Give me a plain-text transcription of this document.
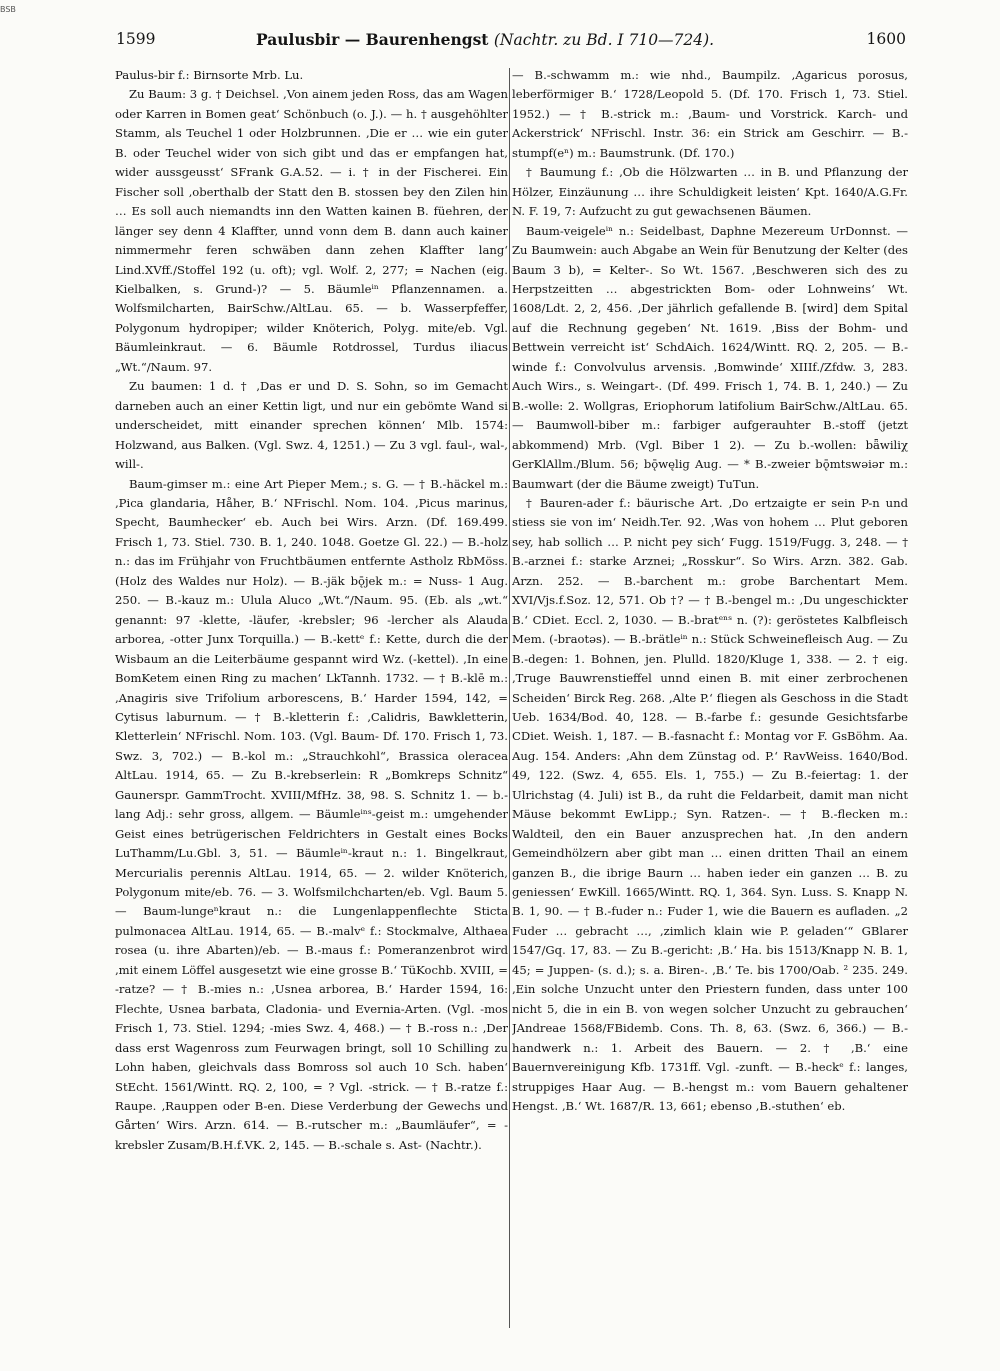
BSB
1599	Paulusbir — Baurenhengst (Nachtr. zu Bd. I 710—724).	1600

Paulus-bir f.: Birnsorte Mrb. Lu.

Zu Baum: 3 g. † Deichsel. ‚Von ainem jeden Ross, das am Wagen oder Karren in Bomen geat‘ Schönbuch (o. J.). — h. † ausgehöhlter Stamm, als Teuchel 1 oder Holzbrunnen. ‚Die er … wie ein guter B. oder Teuchel wider von sich gibt und das er empfangen hat, wider aussgeusst‘ SFrank G.A.52. — i. † in der Fischerei. Ein Fischer soll ‚oberthalb der Statt den B. stossen bey den Zilen hin … Es soll auch niemandts inn den Watten kainen B. füehren, der länger sey denn 4 Klaffter, unnd vonn dem B. dann auch kainer nimmermehr feren schwäben dann zehen Klaffter lang‘ Lind.XVff./Stoffel 192 (u. oft); vgl. Wolf. 2, 277; = Nachen (eig. Kielbalken, s. Grund-)? — 5. Bäumleⁱⁿ Pflanzennamen. a. Wolfsmilcharten, BairSchw./AltLau. 65. — b. Wasserpfeffer, Polygonum hydropiper; wilder Knöterich, Polyg. mite/eb. Vgl. Bäumleinkraut. — 6. Bäumle Rotdrossel, Turdus iliacus „Wt.“/Naum. 97.

Zu baumen: 1 d. † ‚Das er und D. S. Sohn, so im Gemacht darneben auch an einer Kettin ligt, und nur ein gebömte Wand si underscheidet, mitt einander sprechen können‘ Mlb. 1574: Holzwand, aus Balken. (Vgl. Swz. 4, 1251.) — Zu 3 vgl. faul-, wal-, will-.

Baum-gimser m.: eine Art Pieper Mem.; s. G. — † B.-häckel m.: ‚Pica glandaria, Håher, B.‘ NFrischl. Nom. 104. ‚Picus marinus, Specht, Baumhecker‘ eb. Auch bei Wirs. Arzn. (Df. 169.499. Frisch 1, 73. Stiel. 730. B. 1, 240. 1048. Goetze Gl. 22.) — B.-holz n.: das im Frühjahr von Fruchtbäumen entfernte Astholz RbMöss. (Holz des Waldes nur Holz). — B.-jäk bǭjek m.: = Nuss- 1 Aug. 250. — B.-kauz m.: Ulula Aluco „Wt.“/Naum. 95. (Eb. als „wt.“ genannt: 97 -klette, -läufer, -krebsler; 96 -lercher als Alauda arborea, -otter Junx Torquilla.) — B.-kettᵉ f.: Kette, durch die der Wisbaum an die Leiterbäume gespannt wird Wz. (-kettel). ‚In eine BomKetem einen Ring zu machen‘ LkTannh. 1732. — † B.-klē m.: ‚Anagiris sive Trifolium arborescens, B.‘ Harder 1594, 142, = Cytisus laburnum. — † B.-kletterin f.: ‚Calidris, Bawkletterin, Kletterlein‘ NFrischl. Nom. 103. (Vgl. Baum- Df. 170. Frisch 1, 73. Swz. 3, 702.) — B.-kol m.: „Strauchkohl“, Brassica oleracea AltLau. 1914, 65. — Zu B.-krebserlein: R „Bomkreps Schnitz“ Gaunerspr. GammTrocht. XVIII/MfHz. 38, 98. S. Schnitz 1. — b.-lang Adj.: sehr gross, allgem. — Bäumleⁱⁿˢ-geist m.: umgehender Geist eines betrügerischen Feldrichters in Gestalt eines Bocks LuThamm/Lu.Gbl. 3, 51. — Bäumleⁱⁿ-kraut n.: 1. Bingelkraut, Mercurialis perennis AltLau. 1914, 65. — 2. wilder Knöterich, Polygonum mite/eb. 76. — 3. Wolfsmilchcharten/eb. Vgl. Baum 5. — Baum-lungeⁿkraut n.: die Lungenlappenflechte Sticta pulmonacea AltLau. 1914, 65. — B.-malvᵉ f.: Stockmalve, Althaea rosea (u. ihre Abarten)/eb. — B.-maus f.: Pomeranzenbrot wird ‚mit einem Löffel ausgesetzt wie eine grosse B.‘ TüKochb. XVIII, = -ratze? — † B.-mies n.: ‚Usnea arborea, B.‘ Harder 1594, 16: Flechte, Usnea barbata, Cladonia- und Evernia-Arten. (Vgl. -mos Frisch 1, 73. Stiel. 1294; -mies Swz. 4, 468.) — † B.-ross n.: ‚Der dass erst Wagenross zum Feurwagen bringt, soll 10 Schilling zu Lohn haben, gleichvals dass Bomross sol auch 10 Sch. haben‘ StEcht. 1561/Wintt. RQ. 2, 100, = ? Vgl. -strick. — † B.-ratze f.: Raupe. ‚Rauppen oder B-en. Diese Verderbung der Gewechs und Gårten‘ Wirs. Arzn. 614. — B.-rutscher m.: „Baumläufer“, = -krebsler Zusam/B.H.f.VK. 2, 145. — B.-schale s. Ast- (Nachtr.).

— B.-schwamm m.: wie nhd., Baumpilz. ‚Agaricus porosus, leberförmiger B.‘ 1728/Leopold 5. (Df. 170. Frisch 1, 73. Stiel. 1952.) — † B.-strick m.: ‚Baum- und Vorstrick. Karch- und Ackerstrick‘ NFrischl. Instr. 36: ein Strick am Geschirr. — B.-stumpf(eⁿ) m.: Baumstrunk. (Df. 170.)

† Baumung f.: ‚Ob die Hölzwarten … in B. und Pflanzung der Hölzer, Einzäunung … ihre Schuldigkeit leisten‘ Kpt. 1640/A.G.Fr. N. F. 19, 7: Aufzucht zu gut gewachsenen Bäumen.

Baum-veigeleⁱⁿ n.: Seidelbast, Daphne Mezereum UrDonnst. — Zu Baumwein: auch Abgabe an Wein für Benutzung der Kelter (des Baum 3 b), = Kelter-. So Wt. 1567. ‚Beschweren sich des zu Herpstzeitten … abgestrickten Bom- oder Lohnweins‘ Wt. 1608/Ldt. 2, 2, 456. ‚Der jährlich gefallende B. [wird] dem Spital auf die Rechnung gegeben‘ Nt. 1619. ‚Biss der Bohm- und Bettwein verreicht ist‘ SchdAich. 1624/Wintt. RQ. 2, 205. — B.-winde f.: Convolvulus arvensis. ‚Bomwinde‘ XIIIf./Zfdw. 3, 283. Auch Wirs., s. Weingart-. (Df. 499. Frisch 1, 74. B. 1, 240.) — Zu B.-wolle: 2. Wollgras, Eriophorum latifolium BairSchw./AltLau. 65. — Baumwoll-biber m.: farbiger aufgerauhter B.-stoff (jetzt abkommend) Mrb. (Vgl. Biber 1 2). — Zu b.-wollen: bǟwiliχ GerKlAllm./Blum. 56; bǭwęliɡ Aug. — * B.-zweier bǭmtswəiər m.: Baumwart (der die Bäume zweigt) TuTun.

† Bauren-ader f.: bäurische Art. ‚Do ertzaigte er sein P-n und stiess sie von im‘ Neidh.Ter. 92. ‚Was von hohem … Plut geboren sey, hab sollich … P. nicht pey sich‘ Fugg. 1519/Fugg. 3, 248. — † B.-arznei f.: starke Arznei; „Rosskur“. So Wirs. Arzn. 382. Gab. Arzn. 252. — B.-barchent m.: grobe Barchentart Mem. XVI/Vjs.f.Soz. 12, 571. Ob †? — † B.-bengel m.: ‚Du ungeschickter B.‘ CDiet. Eccl. 2, 1030. — B.-bratᵉⁿˢ n. (?): geröstetes Kalbfleisch Mem. (-braotəs). — B.-brätleⁱⁿ n.: Stück Schweinefleisch Aug. — Zu B.-degen: 1. Bohnen, jen. Plulld. 1820/Kluge 1, 338. — 2. † eig. ‚Truge Bauwrenstieffel unnd einen B. mit einer zerbrochenen Scheiden‘ Birck Reg. 268. ‚Alte P.‘ fliegen als Geschoss in die Stadt Ueb. 1634/Bod. 40, 128. — B.-farbe f.: gesunde Gesichtsfarbe CDiet. Weish. 1, 187. — B.-fasnacht f.: Montag vor F. GsBöhm. Aa. Aug. 154. Anders: ‚Ahn dem Zünstag od. P.‘ RavWeiss. 1640/Bod. 49, 122. (Swz. 4, 655. Els. 1, 755.) — Zu B.-feiertag: 1. der Ulrichstag (4. Juli) ist B., da ruht die Feldarbeit, damit man nicht Mäuse bekommt EwLipp.; Syn. Ratzen-. — † B.-flecken m.: Waldteil, den ein Bauer anzusprechen hat. ‚In den andern Gemeindhölzern aber gibt man … einen dritten Thail an einem ganzen B., die ibrige Baurn … haben ieder ein ganzen … B. zu geniessen‘ EwKill. 1665/Wintt. RQ. 1, 364. Syn. Luss. S. Knapp N. B. 1, 90. — † B.-fuder n.: Fuder 1, wie die Bauern es aufladen. „2 Fuder … gebracht …, ‚zimlich klain wie P. geladen‘“ GBlarer 1547/Gq. 17, 83. — Zu B.-gericht: ‚B.‘ Ha. bis 1513/Knapp N. B. 1, 45; = Juppen- (s. d.); s. a. Biren-. ‚B.‘ Te. bis 1700/Oab. ² 235. 249. ‚Ein solche Unzucht unter den Priestern funden, dass unter 100 nicht 5, die in ein B. von wegen solcher Unzucht zu gebrauchen‘ JAndreae 1568/FBidemb. Cons. Th. 8, 63. (Swz. 6, 366.) — B.-handwerk n.: 1. Arbeit des Bauern. — 2. † ‚B.‘ eine Bauernvereinigung Kfb. 1731ff. Vgl. -zunft. — B.-heckᵉ f.: langes, struppiges Haar Aug. — B.-hengst m.: vom Bauern gehaltener Hengst. ‚B.‘ Wt. 1687/R. 13, 661; ebenso ‚B.-stuthen‘ eb.
